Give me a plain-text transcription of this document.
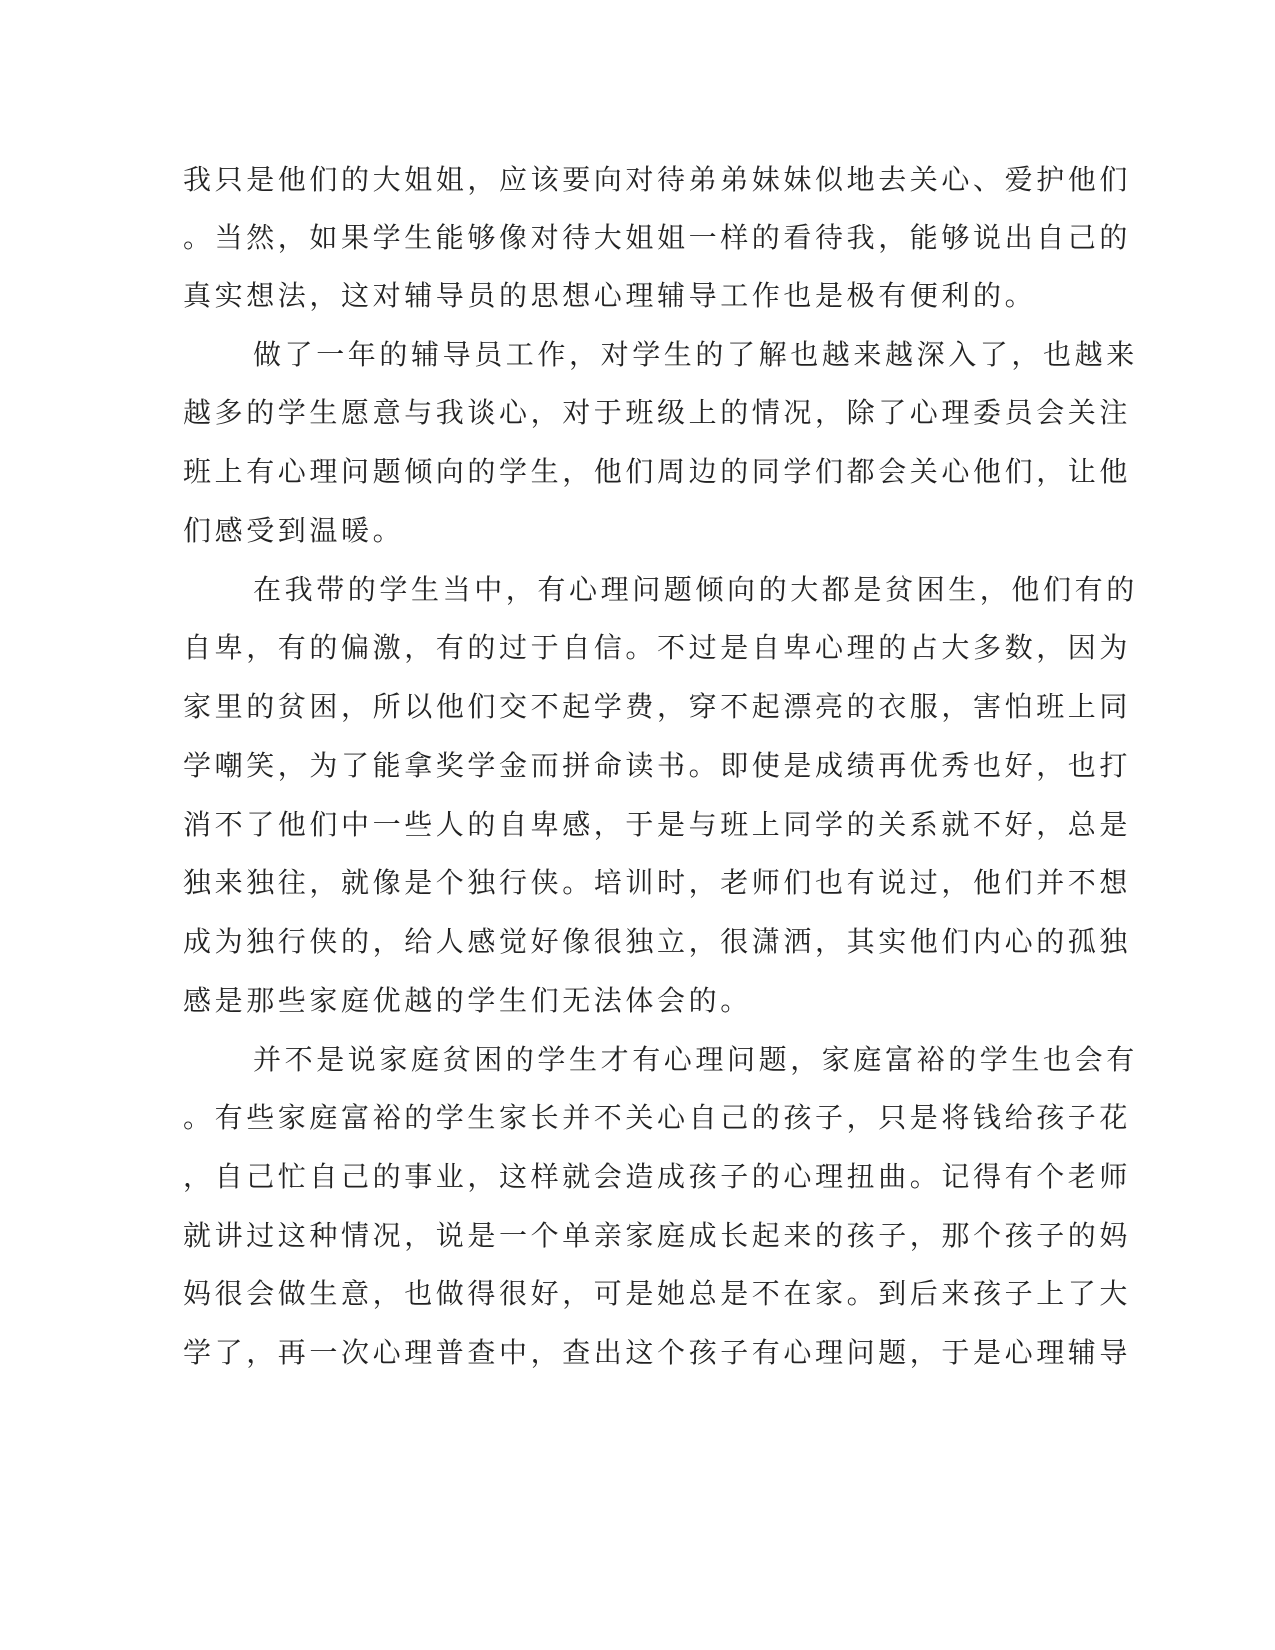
我只是他们的大姐姐，应该要向对待弟弟妹妹似地去关心、爱护他们
。当然，如果学生能够像对待大姐姐一样的看待我，能够说出自己的
真实想法，这对辅导员的思想心理辅导工作也是极有便利的。
做了一年的辅导员工作，对学生的了解也越来越深入了，也越来
越多的学生愿意与我谈心，对于班级上的情况，除了心理委员会关注
班上有心理问题倾向的学生，他们周边的同学们都会关心他们，让他
们感受到温暖。
在我带的学生当中，有心理问题倾向的大都是贫困生，他们有的
自卑，有的偏激，有的过于自信。不过是自卑心理的占大多数，因为
家里的贫困，所以他们交不起学费，穿不起漂亮的衣服，害怕班上同
学嘲笑，为了能拿奖学金而拼命读书。即使是成绩再优秀也好，也打
消不了他们中一些人的自卑感，于是与班上同学的关系就不好，总是
独来独往，就像是个独行侠。培训时，老师们也有说过，他们并不想
成为独行侠的，给人感觉好像很独立，很潇洒，其实他们内心的孤独
感是那些家庭优越的学生们无法体会的。
并不是说家庭贫困的学生才有心理问题，家庭富裕的学生也会有
。有些家庭富裕的学生家长并不关心自己的孩子，只是将钱给孩子花
，自己忙自己的事业，这样就会造成孩子的心理扭曲。记得有个老师
就讲过这种情况，说是一个单亲家庭成长起来的孩子，那个孩子的妈
妈很会做生意，也做得很好，可是她总是不在家。到后来孩子上了大
学了，再一次心理普查中，查出这个孩子有心理问题，于是心理辅导
